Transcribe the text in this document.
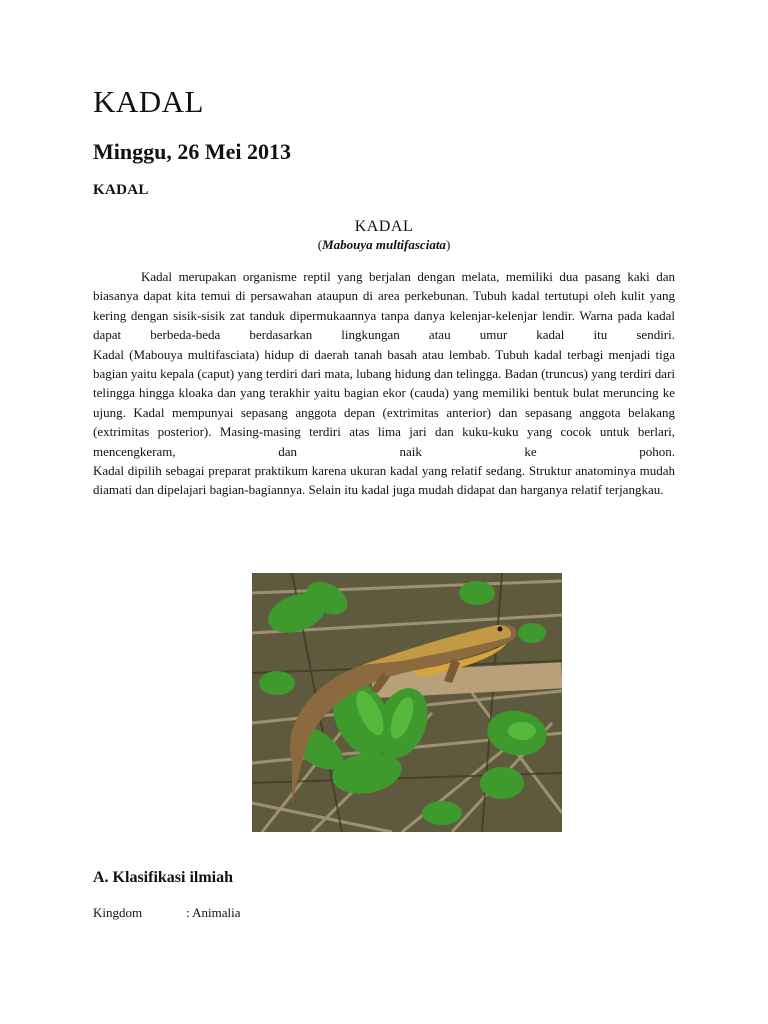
KADAL
Minggu, 26 Mei 2013
KADAL
KADAL
(Mabouya multifasciata)

Kadal merupakan organisme reptil yang berjalan dengan melata, memiliki dua pasang kaki dan biasanya dapat kita temui di persawahan ataupun di area perkebunan. Tubuh kadal tertutupi oleh kulit yang kering dengan sisik-sisik zat tanduk dipermukaannya tanpa danya kelenjar-kelenjar lendir. Warna pada kadal dapat berbeda-beda berdasarkan lingkungan atau umur kadal itu sendiri.

Kadal (Mabouya multifasciata) hidup di daerah tanah basah atau lembab. Tubuh kadal terbagi menjadi tiga bagian yaitu kepala (caput) yang terdiri dari mata, lubang hidung dan telingga. Badan (truncus) yang terdiri dari telingga hingga kloaka dan yang terakhir yaitu bagian ekor (cauda) yang memiliki bentuk bulat meruncing ke ujung. Kadal mempunyai sepasang anggota depan (extrimitas anterior) dan sepasang anggota belakang (extrimitas posterior). Masing-masing terdiri atas lima jari dan kuku-kuku yang cocok untuk berlari, mencengkeram, dan naik ke pohon.

Kadal dipilih sebagai preparat praktikum karena ukuran kadal yang relatif sedang. Struktur anatominya mudah diamati dan dipelajari bagian-bagiannya. Selain itu kadal juga mudah didapat dan harganya relatif terjangkau.

A. Klasifikasi ilmiah
Kingdom	: Animalia
